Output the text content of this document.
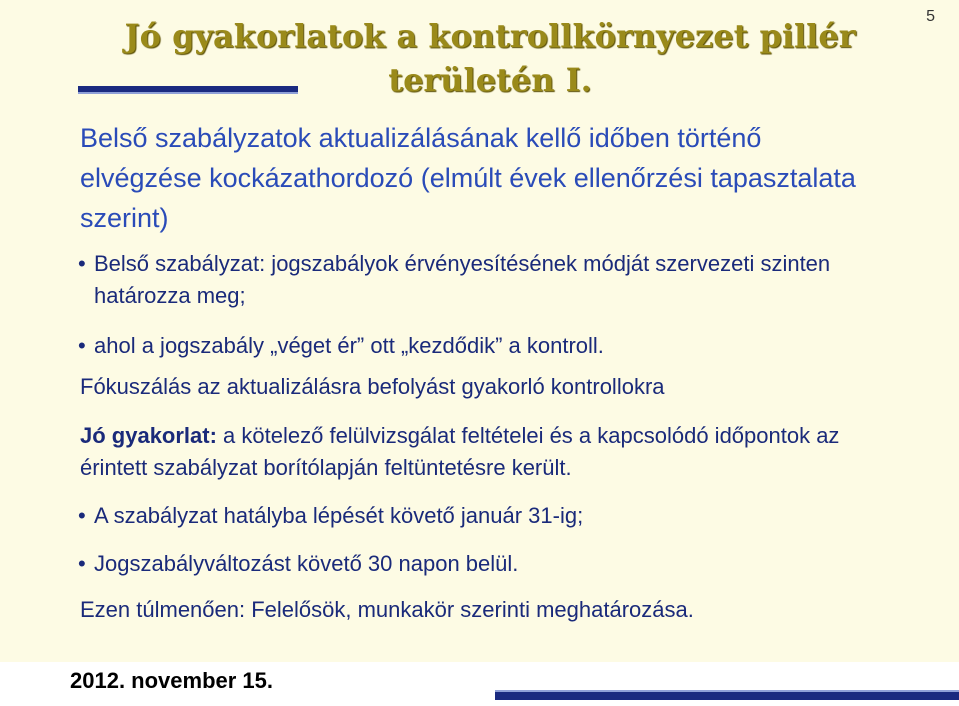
Jó gyakorlatok a kontrollkörnyezet pillér
területén I.
5
Belső szabályzatok aktualizálásának kellő időben történő elvégzése kockázathordozó (elmúlt évek ellenőrzési tapasztalata szerint)
• Belső szabályzat: jogszabályok érvényesítésének módját szervezeti szinten határozza meg;
• ahol a jogszabály „véget ér” ott „kezdődik” a kontroll.
Fókuszálás az aktualizálásra befolyást gyakorló kontrollokra
Jó gyakorlat: a kötelező felülvizsgálat feltételei és a kapcsolódó időpontok az érintett szabályzat borítólapján feltüntetésre került.
• A szabályzat hatályba lépését követő január 31-ig;
• Jogszabályváltozást követő 30 napon belül.
Ezen túlmenően: Felelősök, munkakör szerinti meghatározása.
2012. november 15.
